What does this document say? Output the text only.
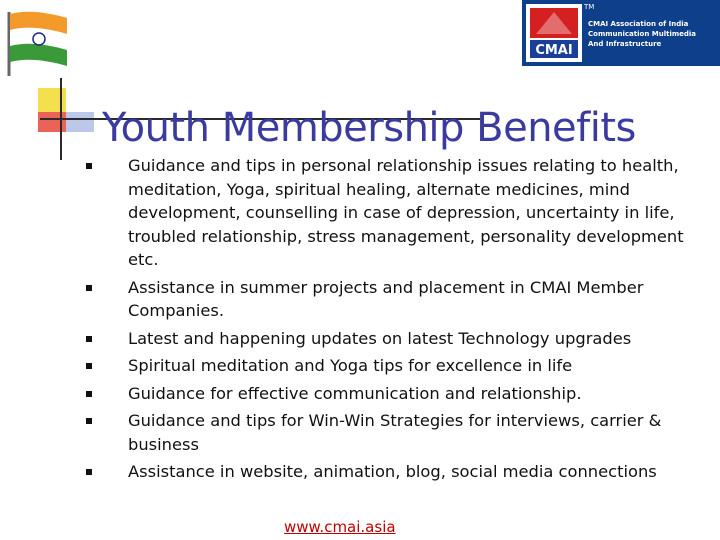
CMAI
TM
CMAI Association of India
Communication Multimedia
And Infrastructure
Youth Membership Benefits
Guidance and tips in personal relationship issues relating to health, meditation, Yoga, spiritual healing, alternate medicines, mind development, counselling in case of depression, uncertainty in life, troubled relationship, stress management, personality development etc.
Assistance in summer projects and placement in CMAI Member Companies.
Latest and happening updates on latest Technology upgrades
Spiritual meditation and Yoga tips for excellence in life
Guidance for effective communication and relationship.
Guidance and tips for Win-Win Strategies for interviews, carrier & business
Assistance in website, animation, blog, social media connections
www.cmai.asia
